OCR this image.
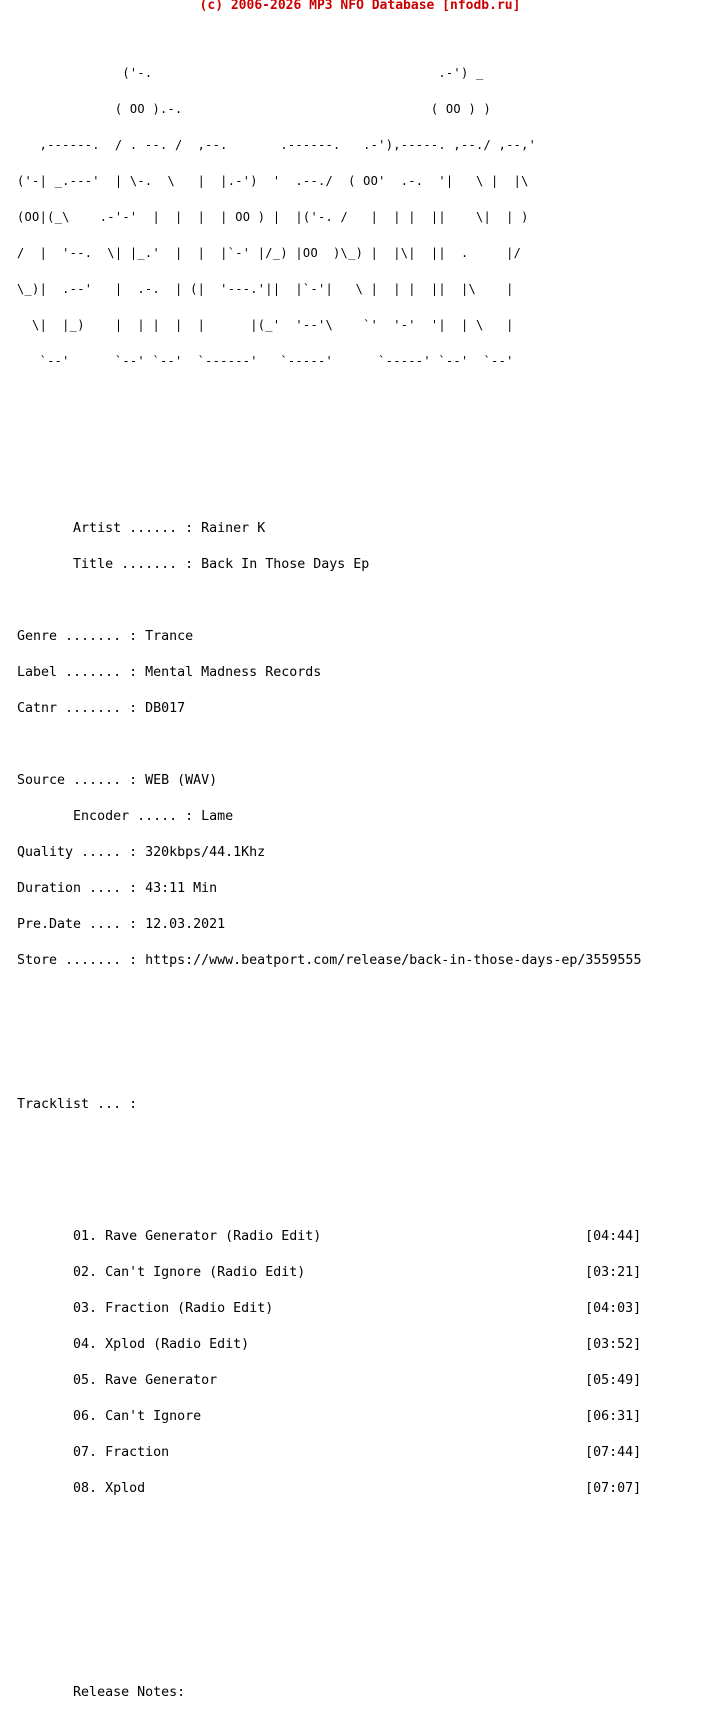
(c) 2006-2026 MP3 NFO Database [nfodb.ru]

('-.                                      .-') _

( OO ).-.                                 ( OO ) )

,------.  / . --. /  ,--.       .------.   .-'),-----. ,--./ ,--,'

('-| _.---'  | \-.  \   |  |.-')  '  .--./  ( OO'  .-.  '|   \ |  |\

(OO|(_\    .-'-'  |  |  |  | OO ) |  |('-. /   |  | |  ||    \|  | )

/  |  '--.  \| |_.'  |  |  |`-' |/_) |OO  )\_) |  |\|  ||  .     |/

\_)|  .--'   |  .-.  | (|  '---.'||  |`-'|   \ |  | |  ||  |\    |

\|  |_)    |  | |  |  |      |(_'  '--'\    `'  '-'  '|  | \   |

`--'      `--' `--'  `------'   `-----'      `-----' `--'  `--'

Artist ...... : Rainer K

Title ....... : Back In Those Days Ep

Genre ....... : Trance

Label ....... : Mental Madness Records

Catnr ....... : DB017

Source ...... : WEB (WAV)

Encoder ..... : Lame

Quality ..... : 320kbps/44.1Khz

Duration .... : 43:11 Min

Pre.Date .... : 12.03.2021

Store ....... : https://www.beatport.com/release/back-in-those-days-ep/3559555

Tracklist ... :

01. Rave Generator (Radio Edit)	[04:44]

02. Can't Ignore (Radio Edit)	[03:21]

03. Fraction (Radio Edit)	[04:03]

04. Xplod (Radio Edit)	[03:52]

05. Rave Generator	[05:49]

06. Can't Ignore	[06:31]

07. Fraction	[07:44]

08. Xplod	[07:07]

Release Notes:
